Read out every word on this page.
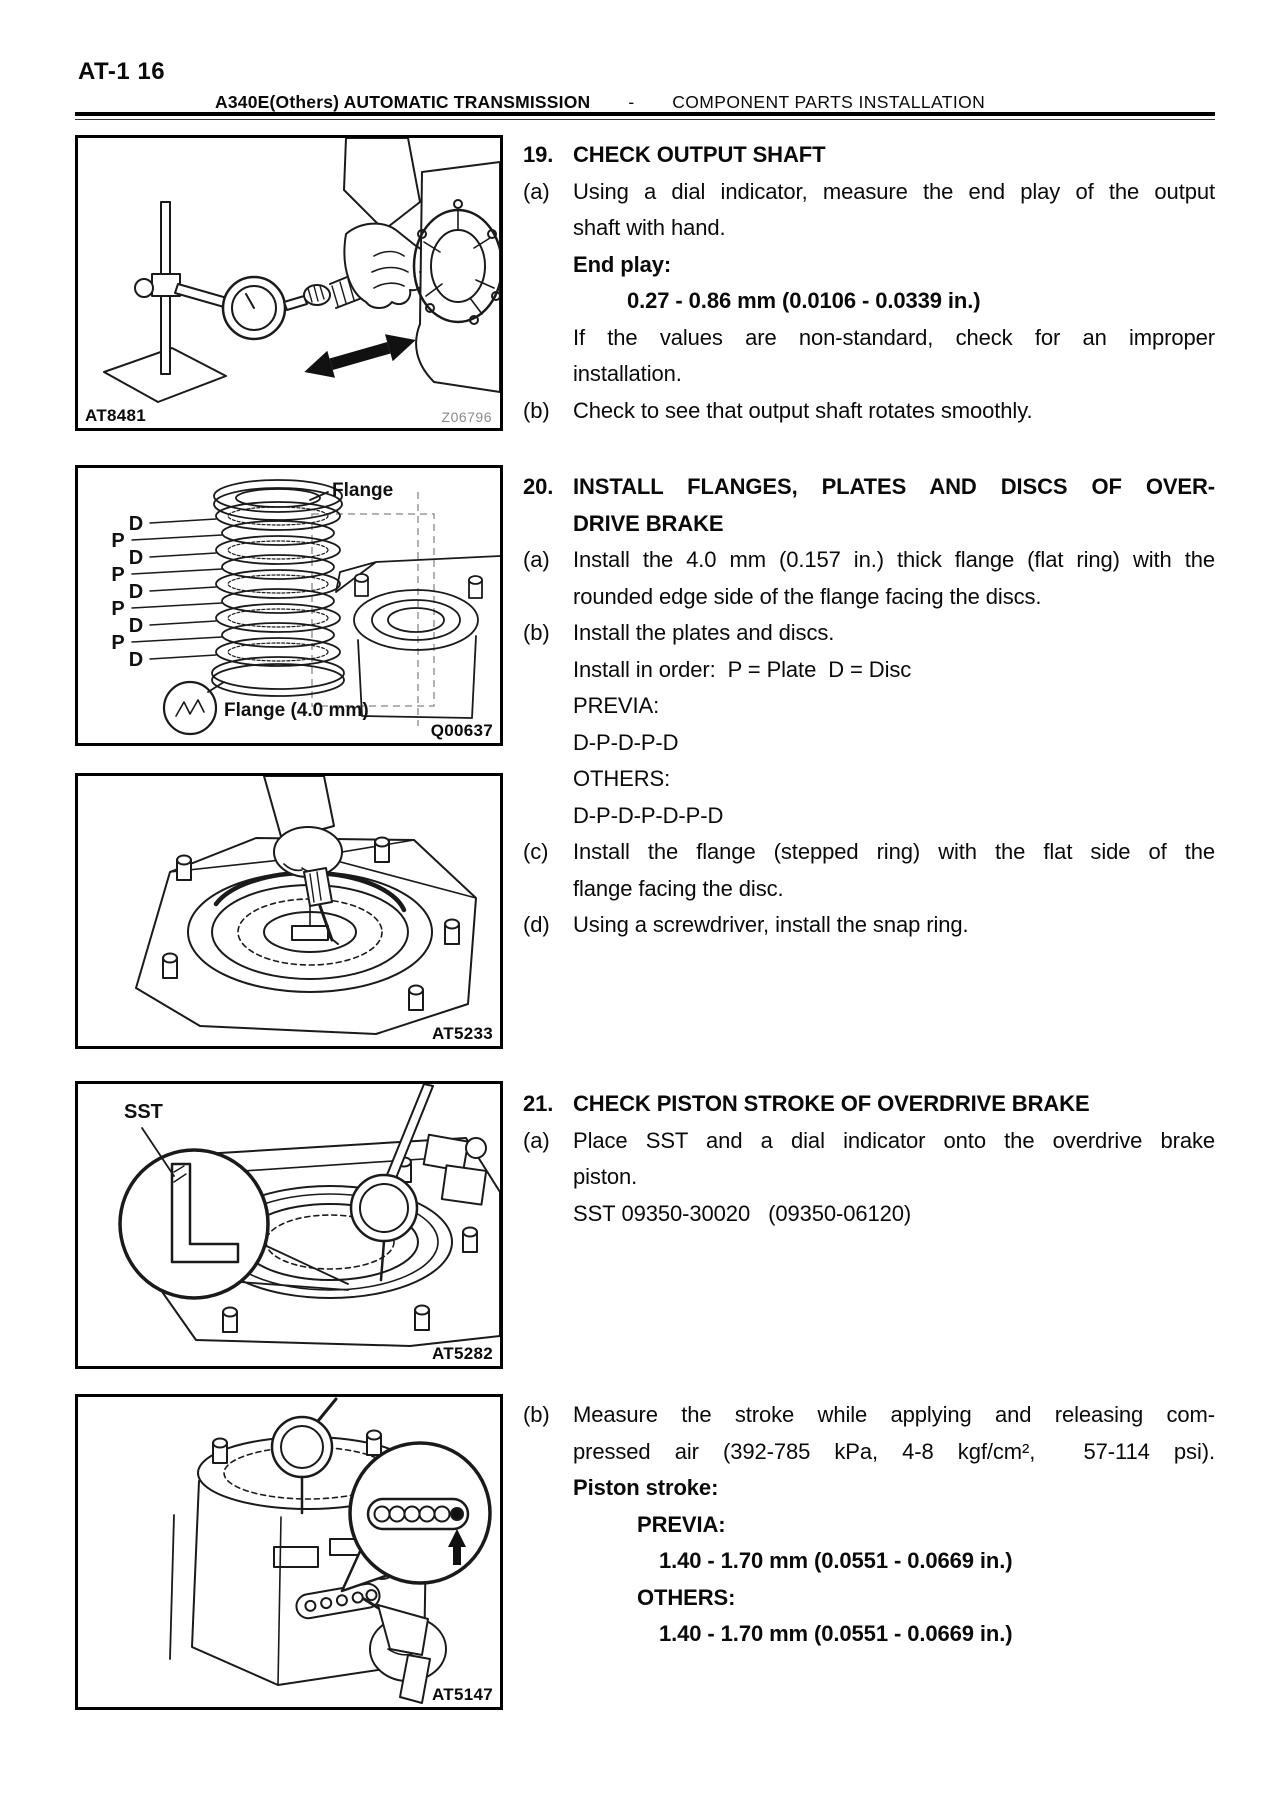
AT-1 16
A340E(Others) AUTOMATIC TRANSMISSION - COMPONENT PARTS INSTALLATION
AT8481	Z06796
D
P
D
P
D
P
D
P
D
Flange
Flange (4.0 mm)
Q00637
AT5233
SST
AT5282
AT5147
19. CHECK OUTPUT SHAFT
(a)	Using a dial indicator, measure the end play of the output
shaft with hand.
End play:
0.27 - 0.86 mm (0.0106 - 0.0339 in.)
If the values are non-standard, check for an improper
installation.
(b)	Check to see that output shaft rotates smoothly.
20. INSTALL FLANGES, PLATES AND DISCS OF OVER-
DRIVE BRAKE
(a)	Install the 4.0 mm (0.157 in.) thick flange (flat ring) with the
rounded edge side of the flange facing the discs.
(b)	Install the plates and discs.
Install in order:  P = Plate  D = Disc
PREVIA:
D-P-D-P-D
OTHERS:
D-P-D-P-D-P-D
(c)	Install the flange (stepped ring) with the flat side of the
flange facing the disc.
(d)	Using a screwdriver, install the snap ring.
21. CHECK PISTON STROKE OF OVERDRIVE BRAKE
(a)	Place SST and a dial indicator onto the overdrive brake
piston.
SST 09350-30020   (09350-06120)
(b)	Measure the stroke while applying and releasing com-
pressed air (392-785 kPa, 4-8 kgf/cm²,  57-114 psi).
Piston stroke:
PREVIA:
1.40 - 1.70 mm (0.0551 - 0.0669 in.)
OTHERS:
1.40 - 1.70 mm (0.0551 - 0.0669 in.)
